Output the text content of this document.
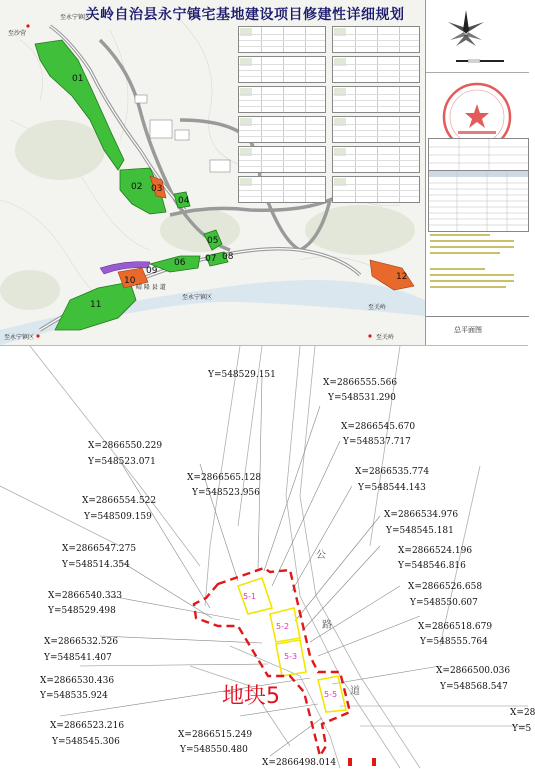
关岭自治县永宁镇宅基地建设项目修建性详细规划
01
02 03
04
05
06 07 08
09
10
11
12
至永宁镇区
至沙营
至永宁镇区	至关岭
至永宁镇区
晴 隆 县 道
至关岭
总平面图
Y=548529.151
X=2866555.566
Y=548531.290
X=2866545.670
Y=548537.717
X=2866550.229
Y=548523.071
X=2866565.128
Y=548523.956
X=2866535.774
Y=548544.143
X=2866554.522
Y=548509.159	X=2866534.976
Y=548545.181
X=2866524.196
Y=548546.816
X=2866547.275
Y=548514.354
X=2866526.658
Y=548550.607
X=2866540.333
Y=548529.498
X=2866518.679
Y=548555.764
X=2866532.526
Y=548541.407
X=2866500.036
Y=548568.547
X=2866530.436
Y=548535.924
X=2866523.216
Y=548545.306
X=2866515.249
Y=548550.480
X=2866498.014
X=28
Y=5
5-1
5-2
5-3
5-5
公
路
道
地块5
